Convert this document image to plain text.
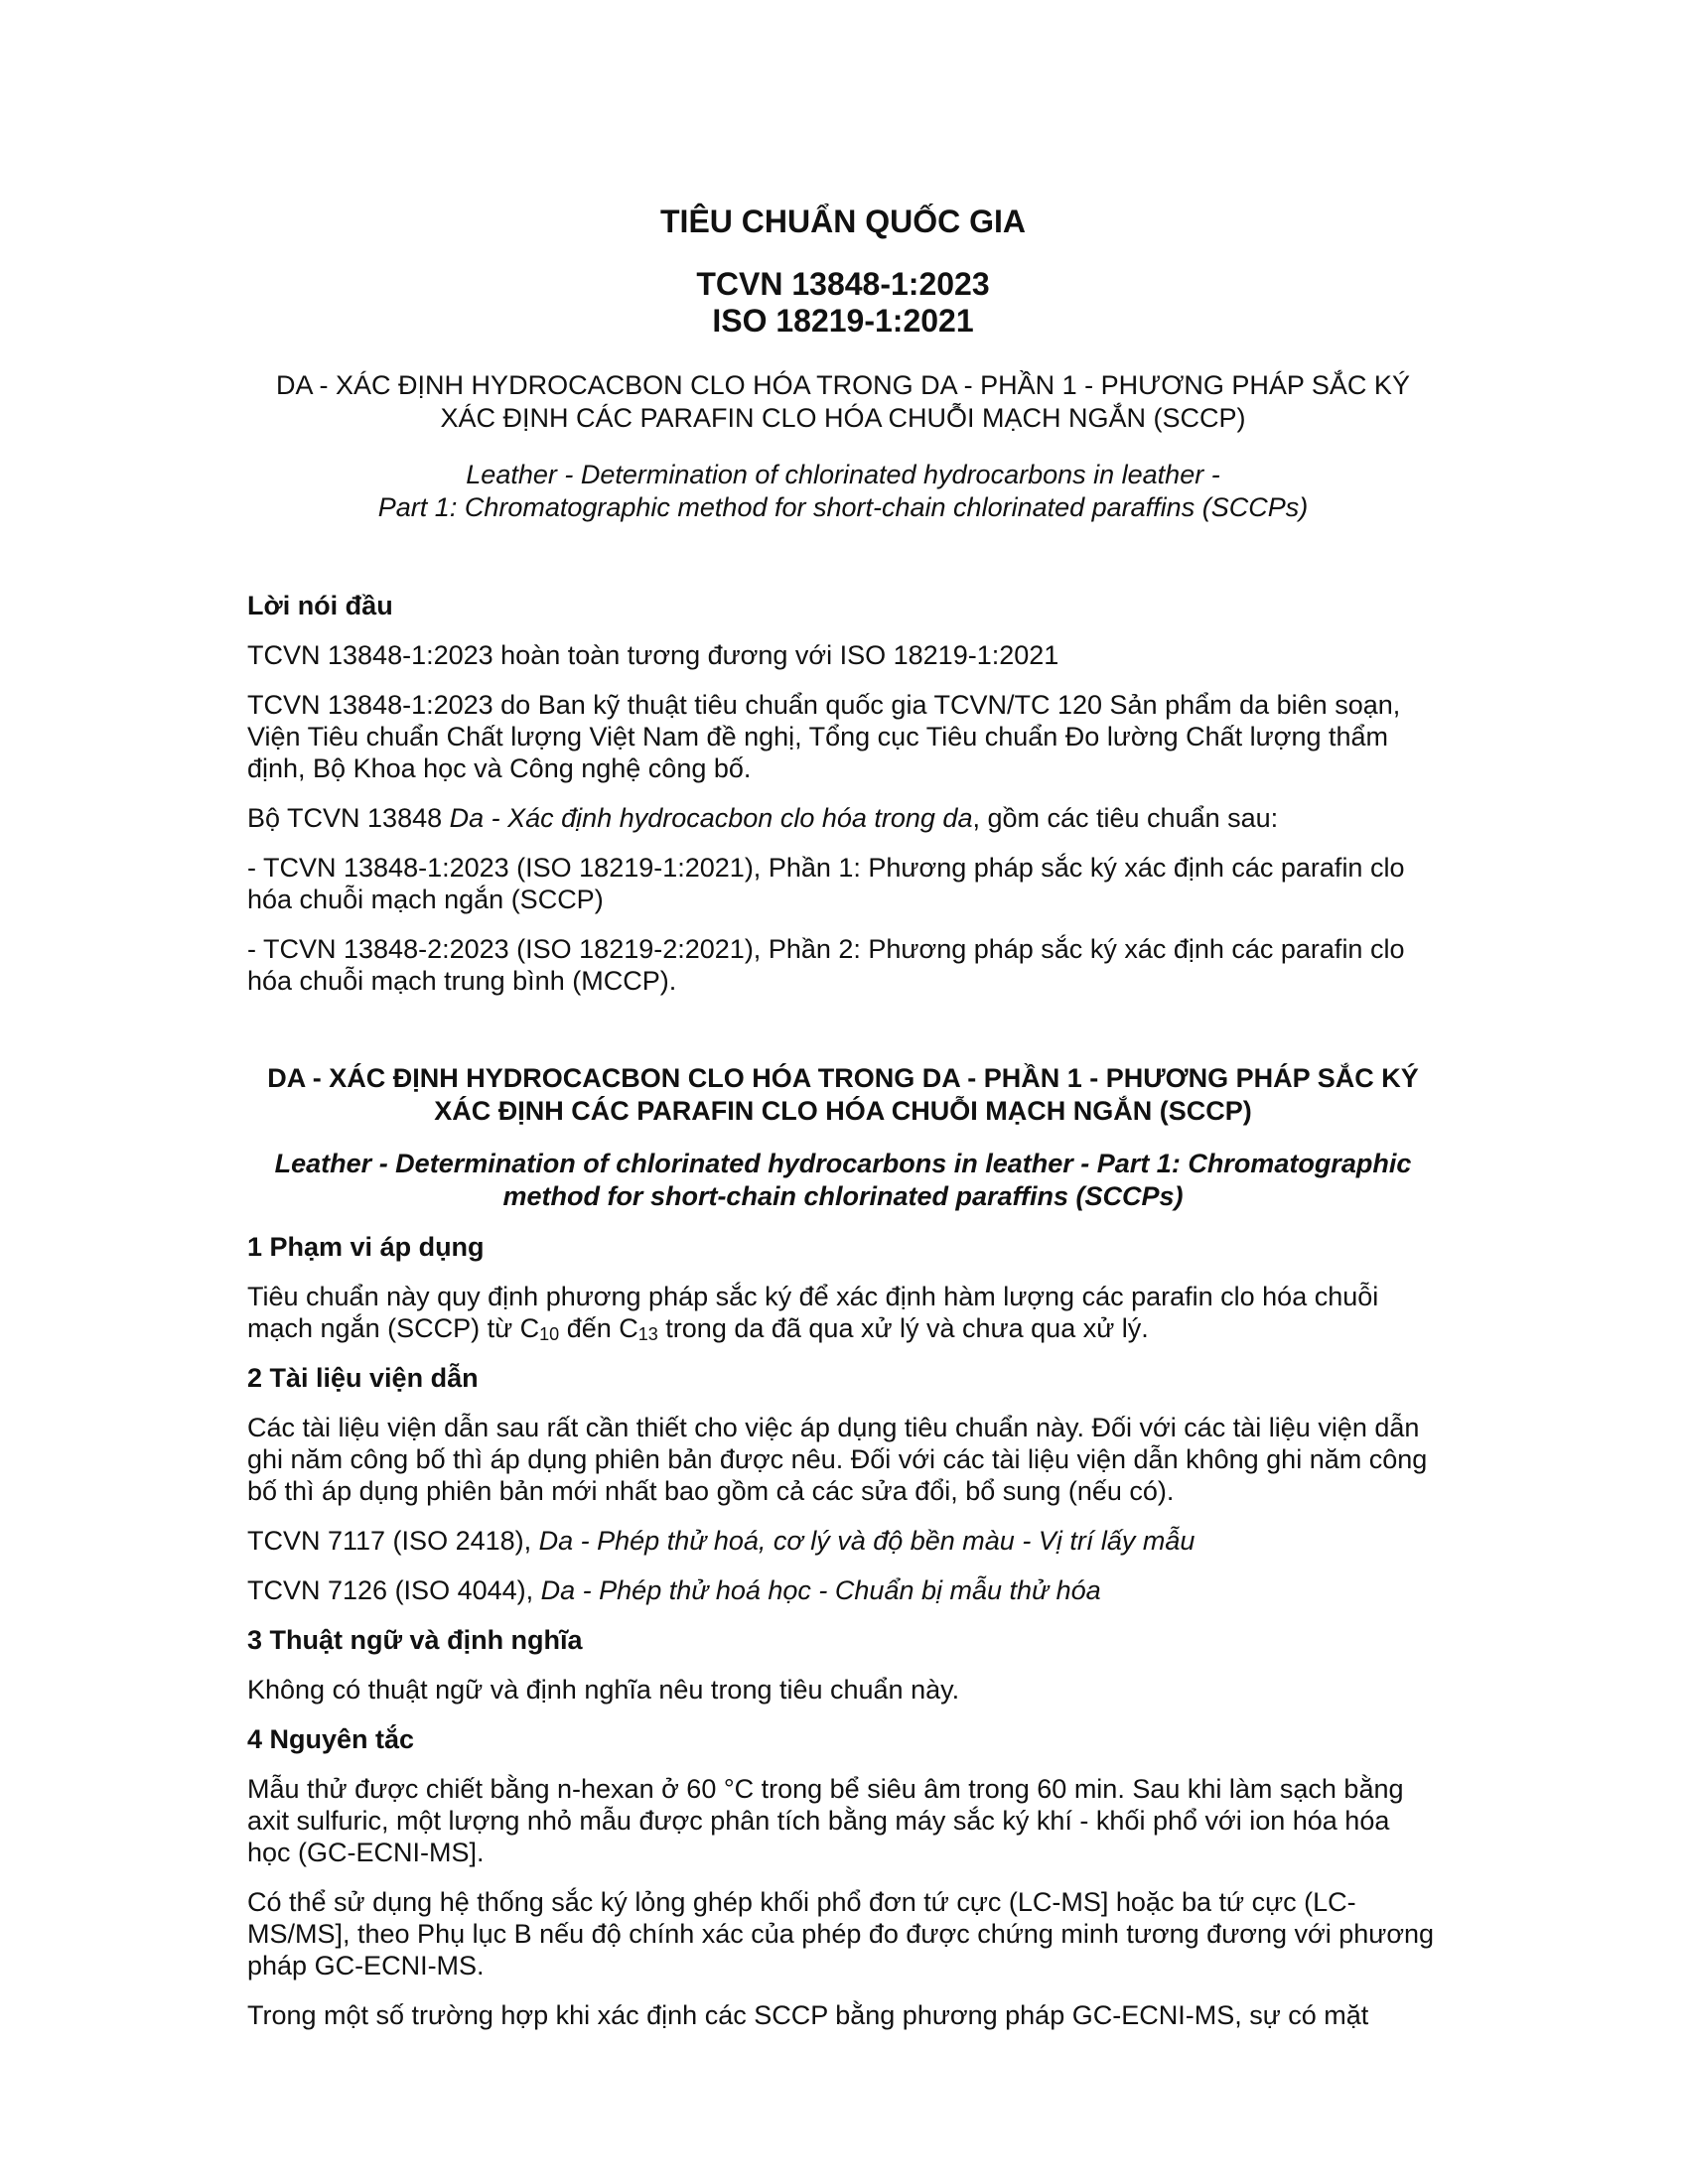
TIÊU CHUẨN QUỐC GIA
TCVN 13848-1:2023
ISO 18219-1:2021
DA - XÁC ĐỊNH HYDROCACBON CLO HÓA TRONG DA - PHẦN 1 - PHƯƠNG PHÁP SẮC KÝ
XÁC ĐỊNH CÁC PARAFIN CLO HÓA CHUỖI MẠCH NGẮN (SCCP)
Leather - Determination of chlorinated hydrocarbons in leather -
Part 1: Chromatographic method for short-chain chlorinated paraffins (SCCPs)
Lời nói đầu

TCVN 13848-1:2023 hoàn toàn tương đương với ISO 18219-1:2021

TCVN 13848-1:2023 do Ban kỹ thuật tiêu chuẩn quốc gia TCVN/TC 120 Sản phẩm da biên soạn, Viện Tiêu chuẩn Chất lượng Việt Nam đề nghị, Tổng cục Tiêu chuẩn Đo lường Chất lượng thẩm định, Bộ Khoa học và Công nghệ công bố.

Bộ TCVN 13848 Da - Xác định hydrocacbon clo hóa trong da, gồm các tiêu chuẩn sau:

- TCVN 13848-1:2023 (ISO 18219-1:2021), Phần 1: Phương pháp sắc ký xác định các parafin clo hóa chuỗi mạch ngắn (SCCP)

- TCVN 13848-2:2023 (ISO 18219-2:2021), Phần 2: Phương pháp sắc ký xác định các parafin clo hóa chuỗi mạch trung bình (MCCP).

DA - XÁC ĐỊNH HYDROCACBON CLO HÓA TRONG DA - PHẦN 1 - PHƯƠNG PHÁP SẮC KÝ
XÁC ĐỊNH CÁC PARAFIN CLO HÓA CHUỖI MẠCH NGẮN (SCCP)
Leather - Determination of chlorinated hydrocarbons in leather - Part 1: Chromatographic
method for short-chain chlorinated paraffins (SCCPs)
1 Phạm vi áp dụng

Tiêu chuẩn này quy định phương pháp sắc ký để xác định hàm lượng các parafin clo hóa chuỗi mạch ngắn (SCCP) từ $C_{10}$ đến $C_{13}$ trong da đã qua xử lý và chưa qua xử lý.

2 Tài liệu viện dẫn

Các tài liệu viện dẫn sau rất cần thiết cho việc áp dụng tiêu chuẩn này. Đối với các tài liệu viện dẫn ghi năm công bố thì áp dụng phiên bản được nêu. Đối với các tài liệu viện dẫn không ghi năm công bố thì áp dụng phiên bản mới nhất bao gồm cả các sửa đổi, bổ sung (nếu có).

TCVN 7117 (ISO 2418), Da - Phép thử hoá, cơ lý và độ bền màu - Vị trí lấy mẫu

TCVN 7126 (ISO 4044), Da - Phép thử hoá học - Chuẩn bị mẫu thử hóa

3 Thuật ngữ và định nghĩa

Không có thuật ngữ và định nghĩa nêu trong tiêu chuẩn này.

4 Nguyên tắc

Mẫu thử được chiết bằng n-hexan ở 60 °C trong bể siêu âm trong 60 min. Sau khi làm sạch bằng axit sulfuric, một lượng nhỏ mẫu được phân tích bằng máy sắc ký khí - khối phổ với ion hóa hóa học (GC-ECNI-MS].

Có thể sử dụng hệ thống sắc ký lỏng ghép khối phổ đơn tứ cực (LC-MS] hoặc ba tứ cực (LC-MS/MS], theo Phụ lục B nếu độ chính xác của phép đo được chứng minh tương đương với phương pháp GC-ECNI-MS.

Trong một số trường hợp khi xác định các SCCP bằng phương pháp GC-ECNI-MS, sự có mặt
